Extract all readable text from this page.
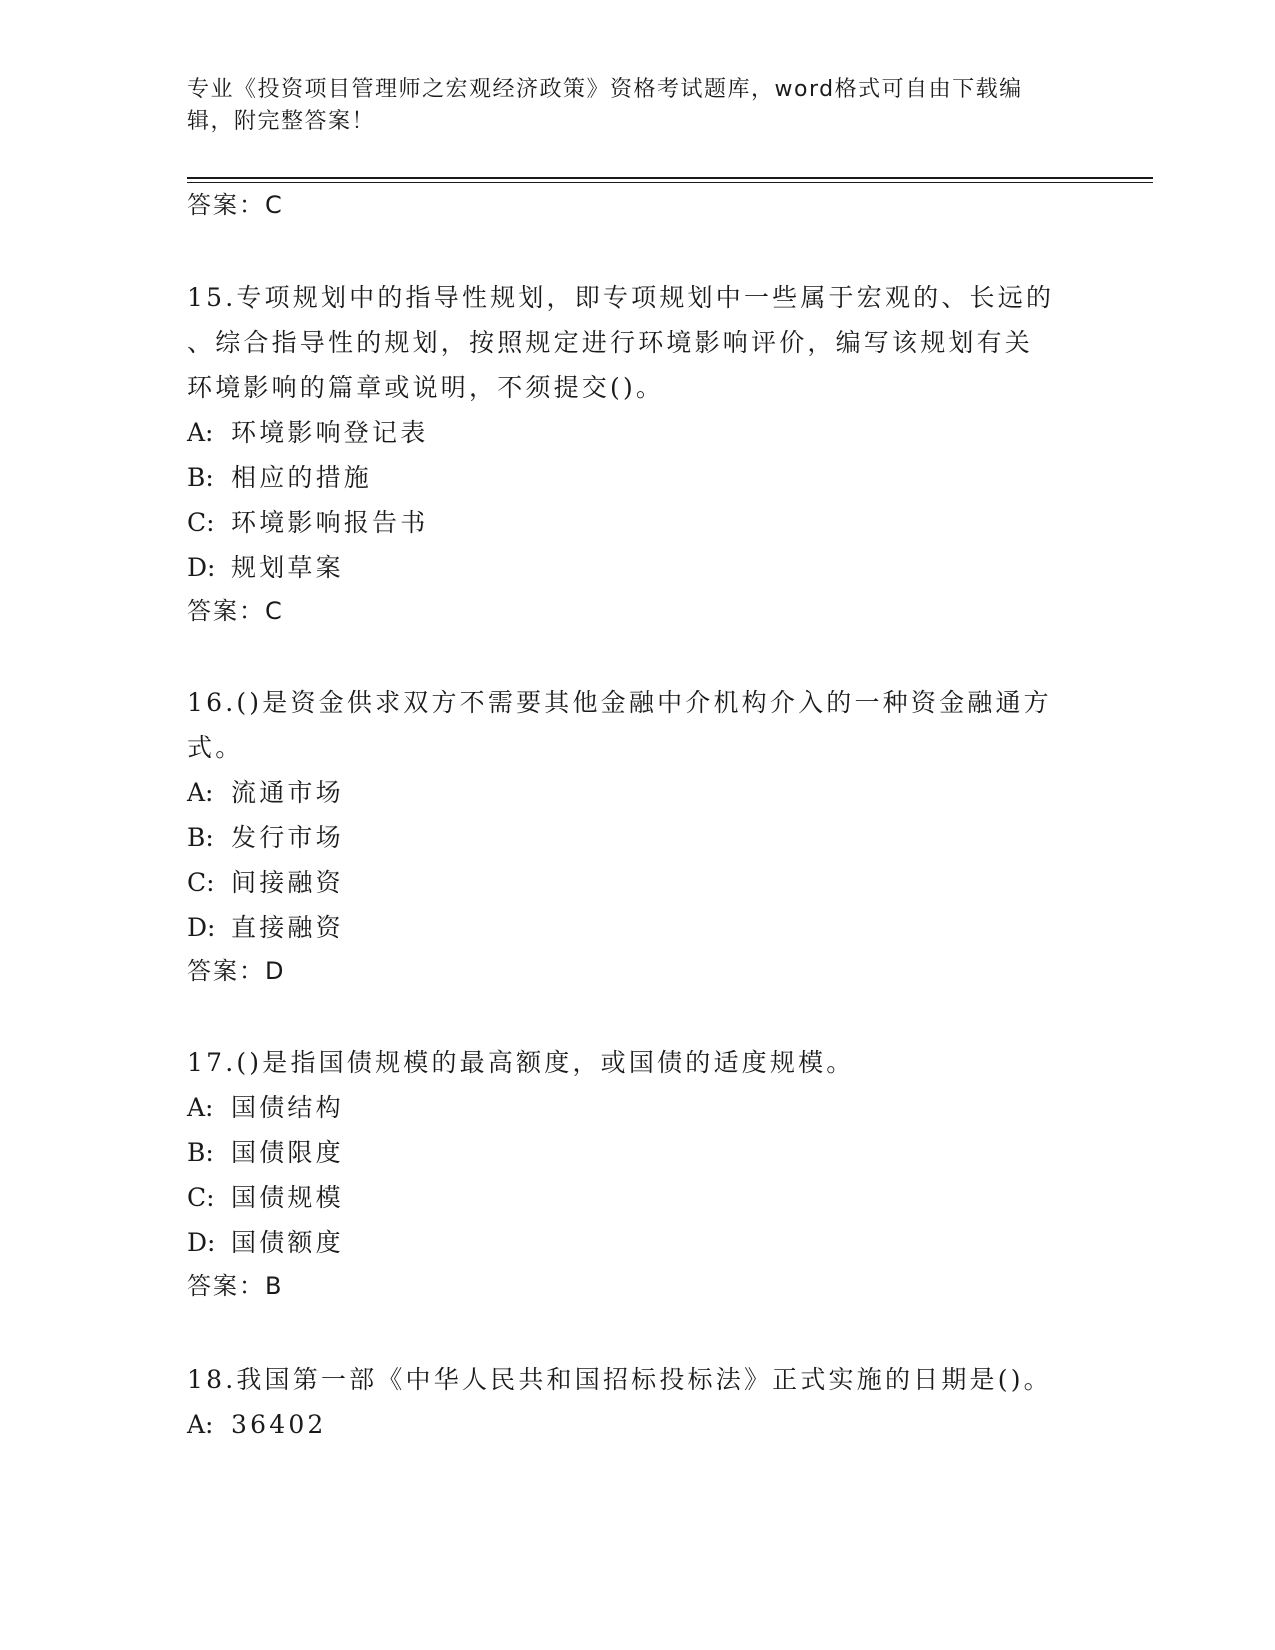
专业《投资项目管理师之宏观经济政策》资格考试题库，word格式可自由下载编
辑，附完整答案！
答案：C
15.专项规划中的指导性规划，即专项规划中一些属于宏观的、长远的
、综合指导性的规划，按照规定进行环境影响评价，编写该规划有关
环境影响的篇章或说明，不须提交()。
A: 环境影响登记表
B: 相应的措施
C: 环境影响报告书
D: 规划草案
答案：C
16.()是资金供求双方不需要其他金融中介机构介入的一种资金融通方
式。
A: 流通市场
B: 发行市场
C: 间接融资
D: 直接融资
答案：D
17.()是指国债规模的最高额度，或国债的适度规模。
A: 国债结构
B: 国债限度
C: 国债规模
D: 国债额度
答案：B
18.我国第一部《中华人民共和国招标投标法》正式实施的日期是()。
A: 36402
